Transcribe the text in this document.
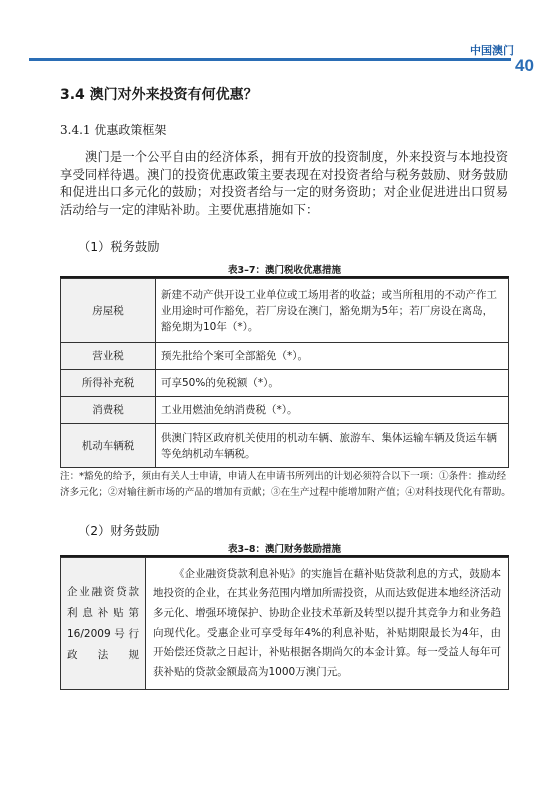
中国澳门
40
3.4 澳门对外来投资有何优惠？
3.4.1 优惠政策框架
澳门是一个公平自由的经济体系，拥有开放的投资制度，外来投资与本地投资享受同样待遇。澳门的投资优惠政策主要表现在对投资者给与税务鼓励、财务鼓励和促进出口多元化的鼓励；对投资者给与一定的财务资助；对企业促进进出口贸易活动给与一定的津贴补助。主要优惠措施如下：
（1）税务鼓励
表3–7：澳门税收优惠措施
房屋税	新建不动产供开设工业单位或工场用者的收益；或当所租用的不动产作工业用途时可作豁免，若厂房设在澳门，豁免期为5年；若厂房设在离岛，豁免期为10年（*）。
营业税	预先批给个案可全部豁免（*）。
所得补充税	可享50%的免税额（*）。
消费税	工业用燃油免纳消费税（*）。
机动车辆税	供澳门特区政府机关使用的机动车辆、旅游车、集体运输车辆及货运车辆等免纳机动车辆税。
注：*豁免的给予，须由有关人士申请，申请人在申请书所列出的计划必须符合以下一项：①条件：推动经济多元化；②对输往新市场的产品的增加有贡献；③在生产过程中能增加附产值；④对科技现代化有帮助。
（2）财务鼓励
表3–8：澳门财务鼓励措施
企业融资贷款利息补贴第16/2009号行政法规	《企业融资贷款利息补贴》的实施旨在藉补贴贷款利息的方式，鼓励本地投资的企业，在其业务范围内增加所需投资，从而达致促进本地经济活动多元化、增强环境保护、协助企业技术革新及转型以提升其竞争力和业务趋向现代化。受惠企业可享受每年4%的利息补贴，补贴期限最长为4年，由开始偿还贷款之日起计，补贴根据各期尚欠的本金计算。每一受益人每年可获补贴的贷款金额最高为1000万澳门元。
